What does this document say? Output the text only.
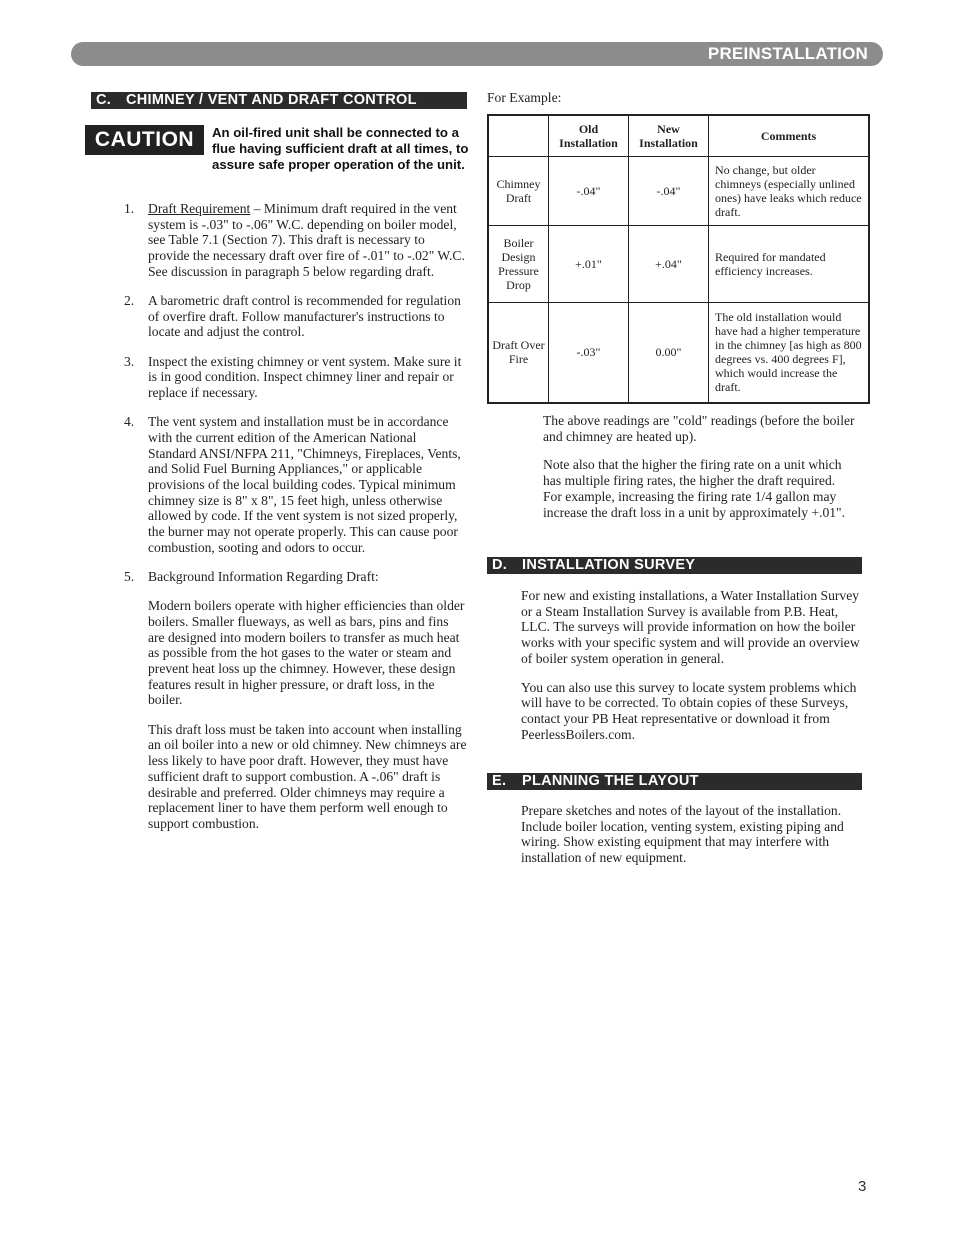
PREINSTALLATION
C. CHIMNEY / VENT AND DRAFT CONTROL
CAUTION	An oil-fired unit shall be connected to a flue having sufficient draft at all times, to assure safe proper operation of the unit.
1. Draft Requirement – Minimum draft required in the vent system is -.03" to -.06" W.C. depending on boiler model, see Table 7.1 (Section 7). This draft is necessary to provide the necessary draft over fire of -.01" to -.02" W.C. See discussion in paragraph 5 below regarding draft.

2. A barometric draft control is recommended for regulation of overfire draft. Follow manufacturer's instructions to locate and adjust the control.

3. Inspect the existing chimney or vent system. Make sure it is in good condition. Inspect chimney liner and repair or replace if necessary.

4. The vent system and installation must be in accordance with the current edition of the American National Standard ANSI/NFPA 211, "Chimneys, Fireplaces, Vents, and Solid Fuel Burning Appliances," or applicable provisions of the local building codes. Typical minimum chimney size is 8" x 8", 15 feet high, unless otherwise allowed by code. If the vent system is not sized properly, the burner may not operate properly. This can cause poor combustion, sooting and odors to occur.

5. Background Information Regarding Draft:

Modern boilers operate with higher efficiencies than older boilers. Smaller flueways, as well as bars, pins and fins are designed into modern boilers to transfer as much heat as possible from the hot gases to the water or steam and prevent heat loss up the chimney. However, these design features result in higher pressure, or draft loss, in the boiler.

This draft loss must be taken into account when installing an oil boiler into a new or old chimney. New chimneys are less likely to have poor draft. However, they must have sufficient draft to support combustion. A -.06" draft is desirable and preferred. Older chimneys may require a replacement liner to have them perform well enough to support combustion.

For Example:
	Old Installation	New Installation	Comments
Chimney Draft	-.04"	-.04"	No change, but older chimneys (especially unlined ones) have leaks which reduce draft.
Boiler Design Pressure Drop	+.01"	+.04"	Required for mandated efficiency increases.
Draft Over Fire	-.03"	0.00"	The old installation would have had a higher temperature in the chimney [as high as 800 degrees vs. 400 degrees F], which would increase the draft.

The above readings are "cold" readings (before the boiler and chimney are heated up).

Note also that the higher the firing rate on a unit which has multiple firing rates, the higher the draft required. For example, increasing the firing rate 1/4 gallon may increase the draft loss in a unit by approximately +.01".

D. INSTALLATION SURVEY

For new and existing installations, a Water Installation Survey or a Steam Installation Survey is available from P.B. Heat, LLC. The surveys will provide information on how the boiler works with your specific system and will provide an overview of boiler system operation in general.

You can also use this survey to locate system problems which will have to be corrected. To obtain copies of these Surveys, contact your PB Heat representative or download it from PeerlessBoilers.com.

E. PLANNING THE LAYOUT

Prepare sketches and notes of the layout of the installation. Include boiler location, venting system, existing piping and wiring. Show existing equipment that may interfere with installation of new equipment.

3
